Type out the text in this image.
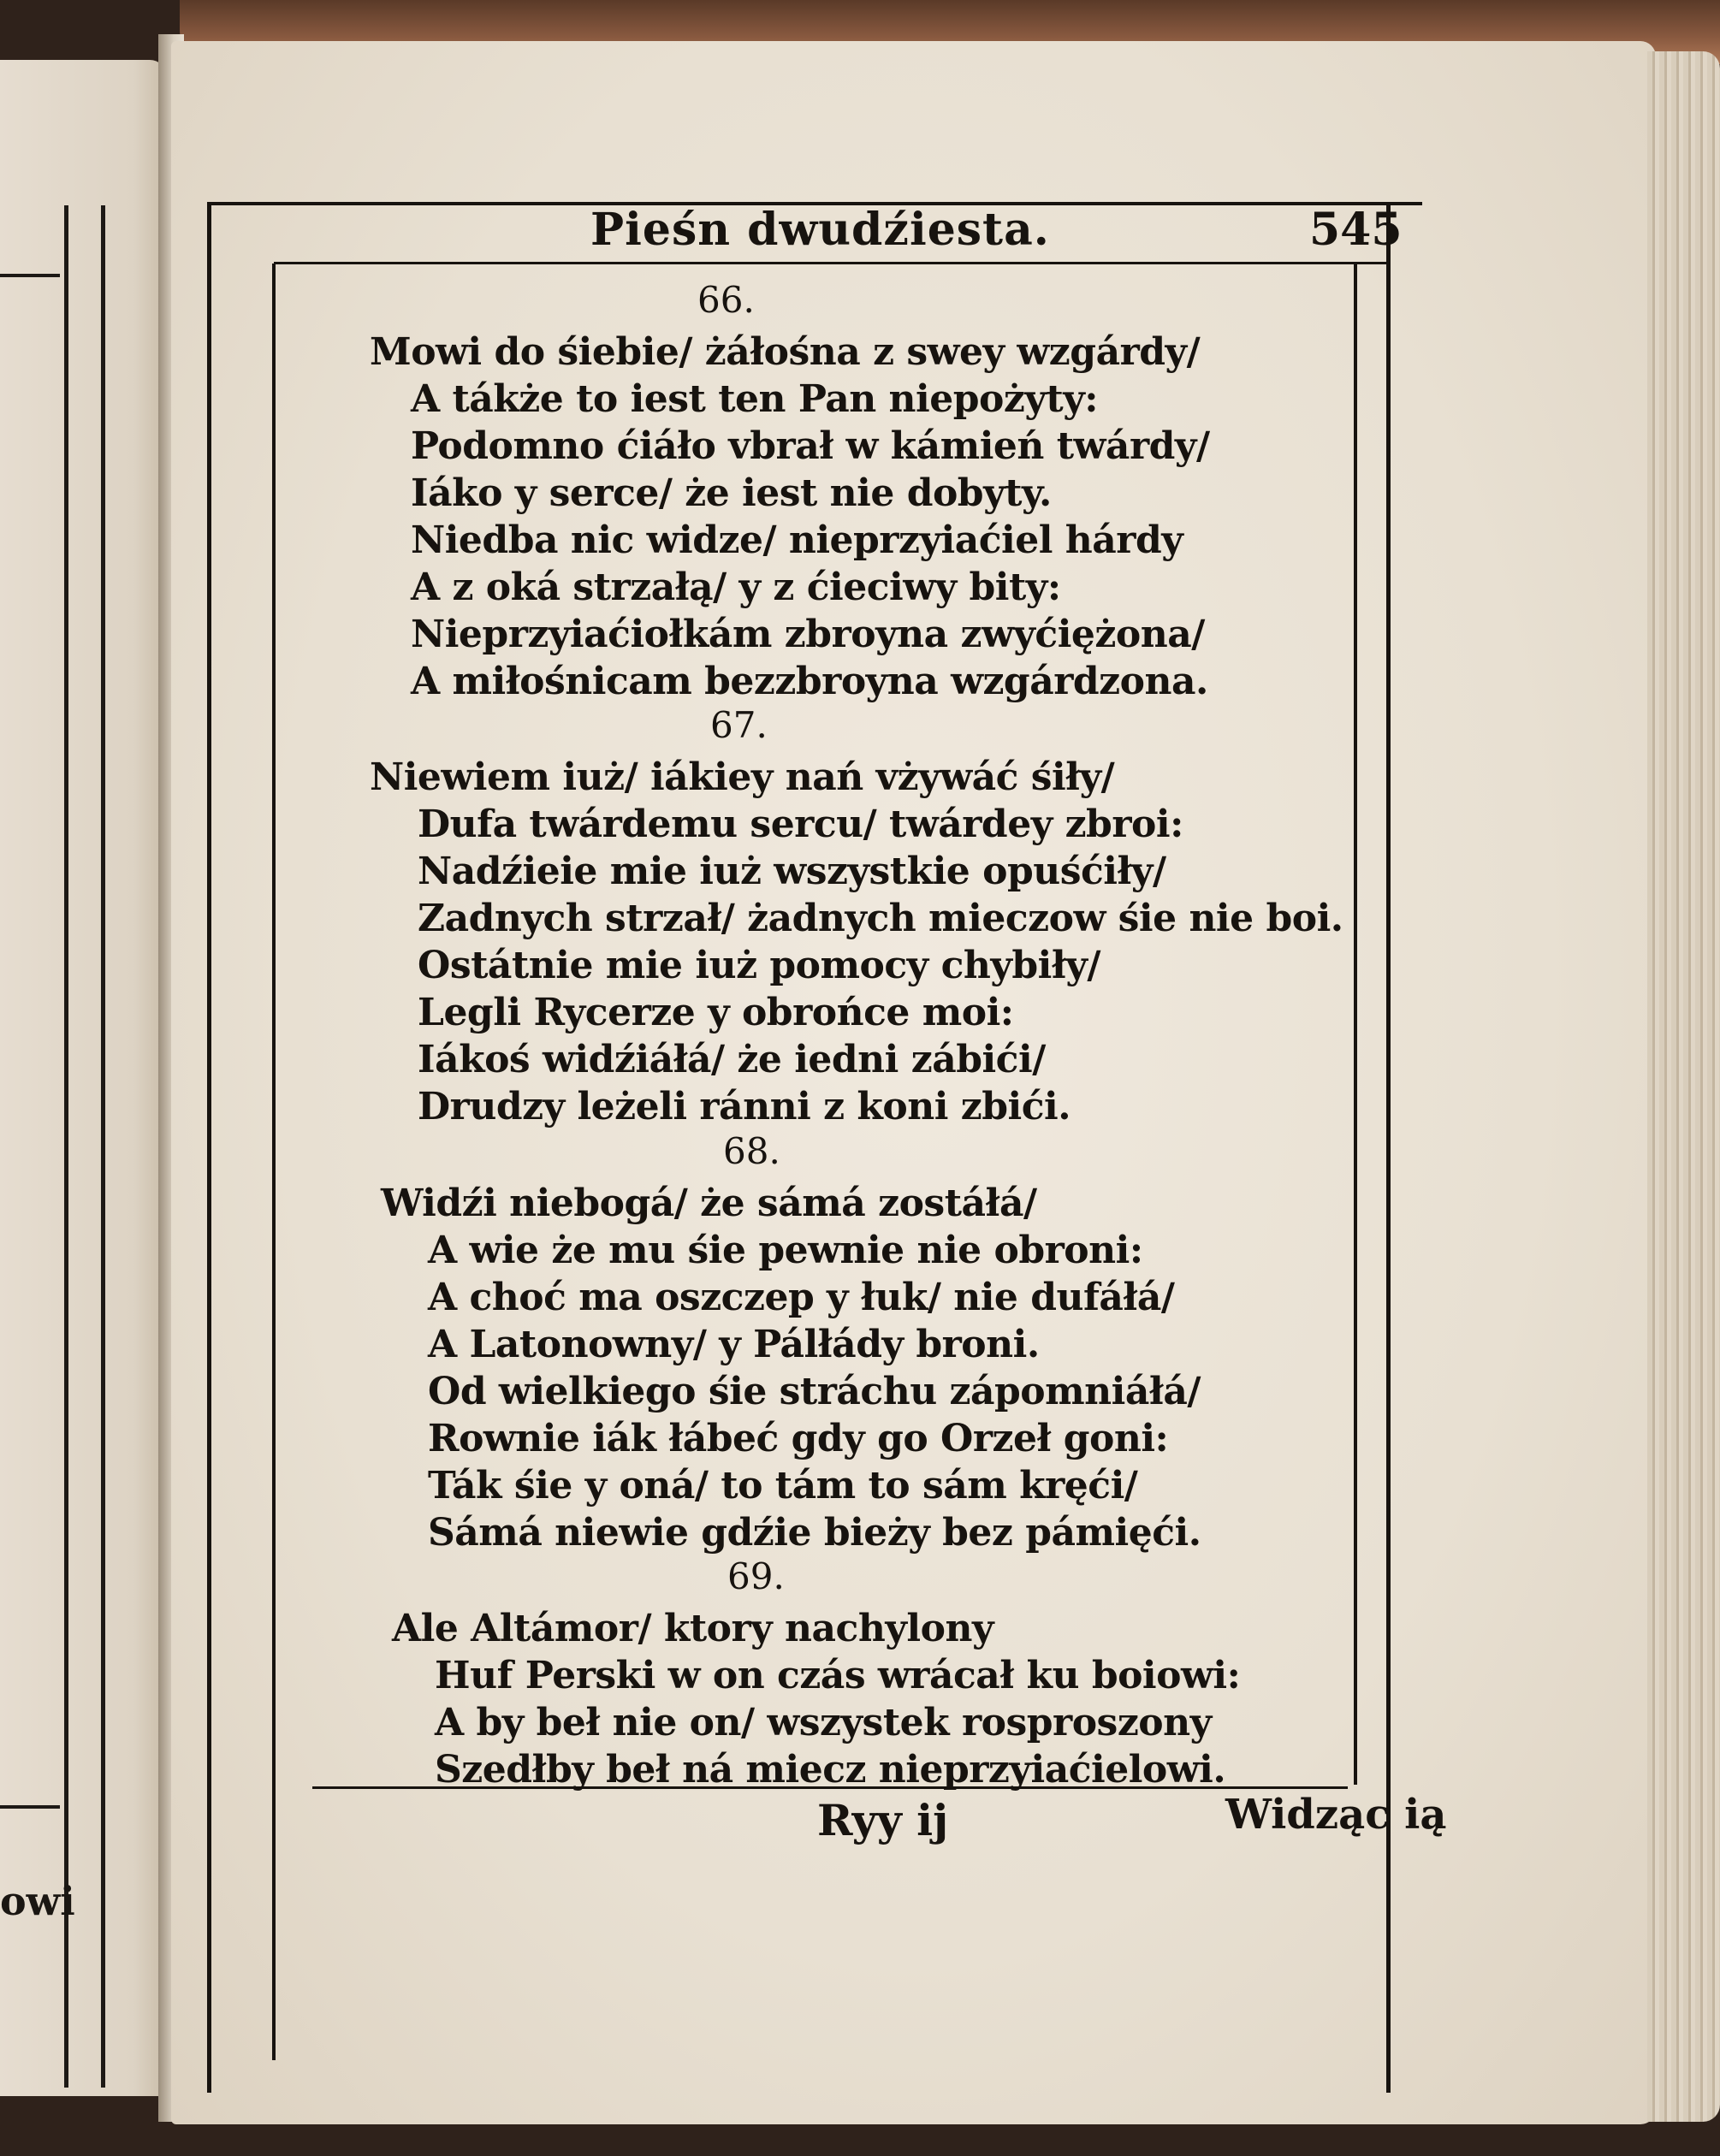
owi
Pieśn dwudźiesta.	545
66.
Mowi do śiebie/ żáłośna z swey wzgárdy/
A tákże to iest ten Pan niepożyty:
Podomno ćiáło vbrał w kámień twárdy/
Iáko y serce/ że iest nie dobyty.
Niedba nic widze/ nieprzyiaćiel hárdy
A z oká strzałą/ y z ćieciwy bity:
Nieprzyiaćiołkám zbroyna zwyćiężona/
A miłośnicam bezzbroyna wzgárdzona.
67.
Niewiem iuż/ iákiey nań vżywáć śiły/
Dufa twárdemu sercu/ twárdey zbroi:
Nadźieie mie iuż wszystkie opuśćiły/
Zadnych strzał/ żadnych mieczow śie nie boi.
Ostátnie mie iuż pomocy chybiły/
Legli Rycerze y obrońce moi:
Iákoś widźiáłá/ że iedni zábići/
Drudzy leżeli ránni z koni zbići.
68.
Widźi niebogá/ że sámá zostáłá/
A wie że mu śie pewnie nie obroni:
A choć ma oszczep y łuk/ nie dufáłá/
A Latonowny/ y Pálłády broni.
Od wielkiego śie stráchu zápomniáłá/
Rownie iák łábeć gdy go Orzeł goni:
Ták śie y oná/ to tám to sám kręći/
Sámá niewie gdźie bieży bez pámięći.
69.
Ale Altámor/ ktory nachylony
Huf Perski w on czás wrácał ku boiowi:
A by beł nie on/ wszystek rosproszony
Szedłby beł ná miecz nieprzyiaćielowi.
Ryy ij	Widząc ią
